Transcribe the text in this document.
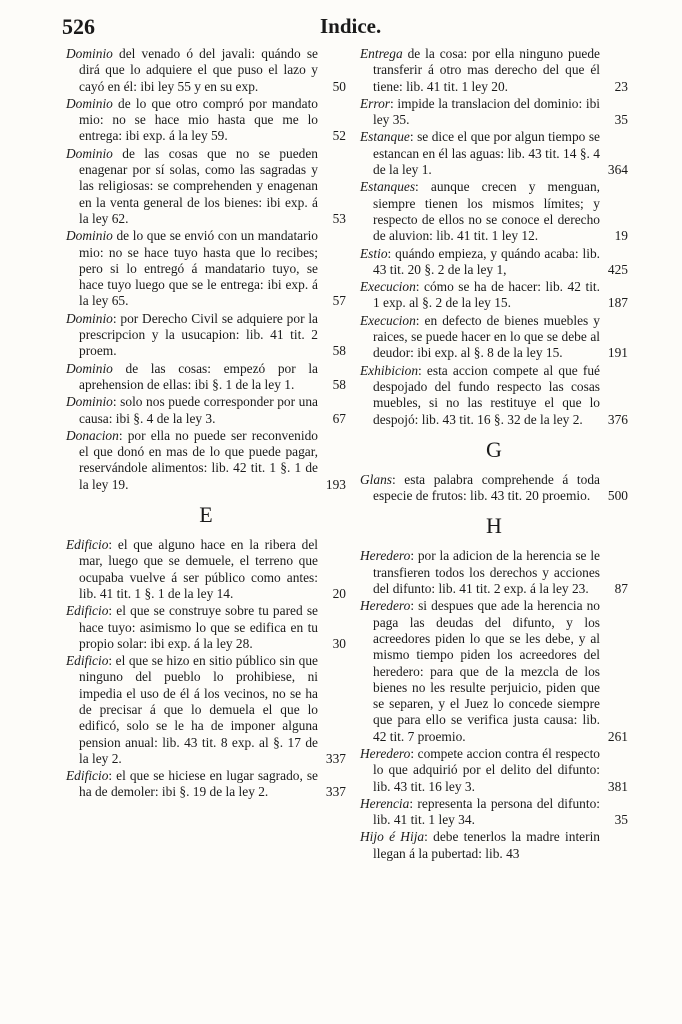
526	Indice.
Dominio del venado ó del javali: quándo se dirá que lo adquiere el que puso el lazo y cayó en él: ibi ley 55 y en su exp.	50
Dominio de lo que otro compró por mandato mio: no se hace mio hasta que me lo entrega: ibi exp. á la ley 59.	52
Dominio de las cosas que no se pueden enagenar por sí solas, como las sagradas y las religiosas: se comprehenden y enagenan en la venta general de los bienes: ibi exp. á la ley 62.	53
Dominio de lo que se envió con un mandatario mio: no se hace tuyo hasta que lo recibes; pero si lo entregó á mandatario tuyo, se hace tuyo luego que se le entrega: ibi exp. á la ley 65.	57
Dominio: por Derecho Civil se adquiere por la prescripcion y la usucapion: lib. 41 tit. 2 proem.	58
Dominio de las cosas: empezó por la aprehension de ellas: ibi §. 1 de la ley 1.	58
Dominio: solo nos puede corresponder por una causa: ibi §. 4 de la ley 3.	67
Donacion: por ella no puede ser reconvenido el que donó en mas de lo que puede pagar, reservándole alimentos: lib. 42 tit. 1 §. 1 de la ley 19.	193
E
Edificio: el que alguno hace en la ribera del mar, luego que se demuele, el terreno que ocupaba vuelve á ser público como antes: lib. 41 tit. 1 §. 1 de la ley 14.	20
Edificio: el que se construye sobre tu pared se hace tuyo: asimismo lo que se edifica en tu propio solar: ibi exp. á la ley 28.	30
Edificio: el que se hizo en sitio público sin que ninguno del pueblo lo prohibiese, ni impedia el uso de él á los vecinos, no se ha de precisar á que lo demuela el que lo edificó, solo se le ha de imponer alguna pension anual: lib. 43 tit. 8 exp. al §. 17 de la ley 2.	337
Edificio: el que se hiciese en lugar sagrado, se ha de demoler: ibi §. 19 de la ley 2.	337
Entrega de la cosa: por ella ninguno puede transferir á otro mas derecho del que él tiene: lib. 41 tit. 1 ley 20.	23
Error: impide la translacion del dominio: ibi ley 35.	35
Estanque: se dice el que por algun tiempo se estancan en él las aguas: lib. 43 tit. 14 §. 4 de la ley 1.	364
Estanques: aunque crecen y menguan, siempre tienen los mismos límites; y respecto de ellos no se conoce el derecho de aluvion: lib. 41 tit. 1 ley 12.	19
Estio: quándo empieza, y quándo acaba: lib. 43 tit. 20 §. 2 de la ley 1,	425
Execucion: cómo se ha de hacer: lib. 42 tit. 1 exp. al §. 2 de la ley 15.	187
Execucion: en defecto de bienes muebles y raices, se puede hacer en lo que se debe al deudor: ibi exp. al §. 8 de la ley 15.	191
Exhibicion: esta accion compete al que fué despojado del fundo respecto las cosas muebles, si no las restituye el que lo despojó: lib. 43 tit. 16 §. 32 de la ley 2. 376
G
Glans: esta palabra comprehende á toda especie de frutos: lib. 43 tit. 20 proemio. 500
H
Heredero: por la adicion de la herencia se le transfieren todos los derechos y acciones del difunto: lib. 41 tit. 2 exp. á la ley 23. 87
Heredero: si despues que ade la herencia no paga las deudas del difunto, y los acreedores piden lo que se les debe, y al mismo tiempo piden los acreedores del heredero: para que de la mezcla de los bienes no les resulte perjuicio, piden que se separen, y el Juez lo concede siempre que para ello se verifica justa causa: lib. 42 tit. 7 proemio.	261
Heredero: compete accion contra él respecto lo que adquirió por el delito del difunto: lib. 43 tit. 16 ley 3.	381
Herencia: representa la persona del difunto: lib. 41 tit. 1 ley 34.	35
Hijo é Hija: debe tenerlos la madre interin llegan á la pubertad: lib. 43
